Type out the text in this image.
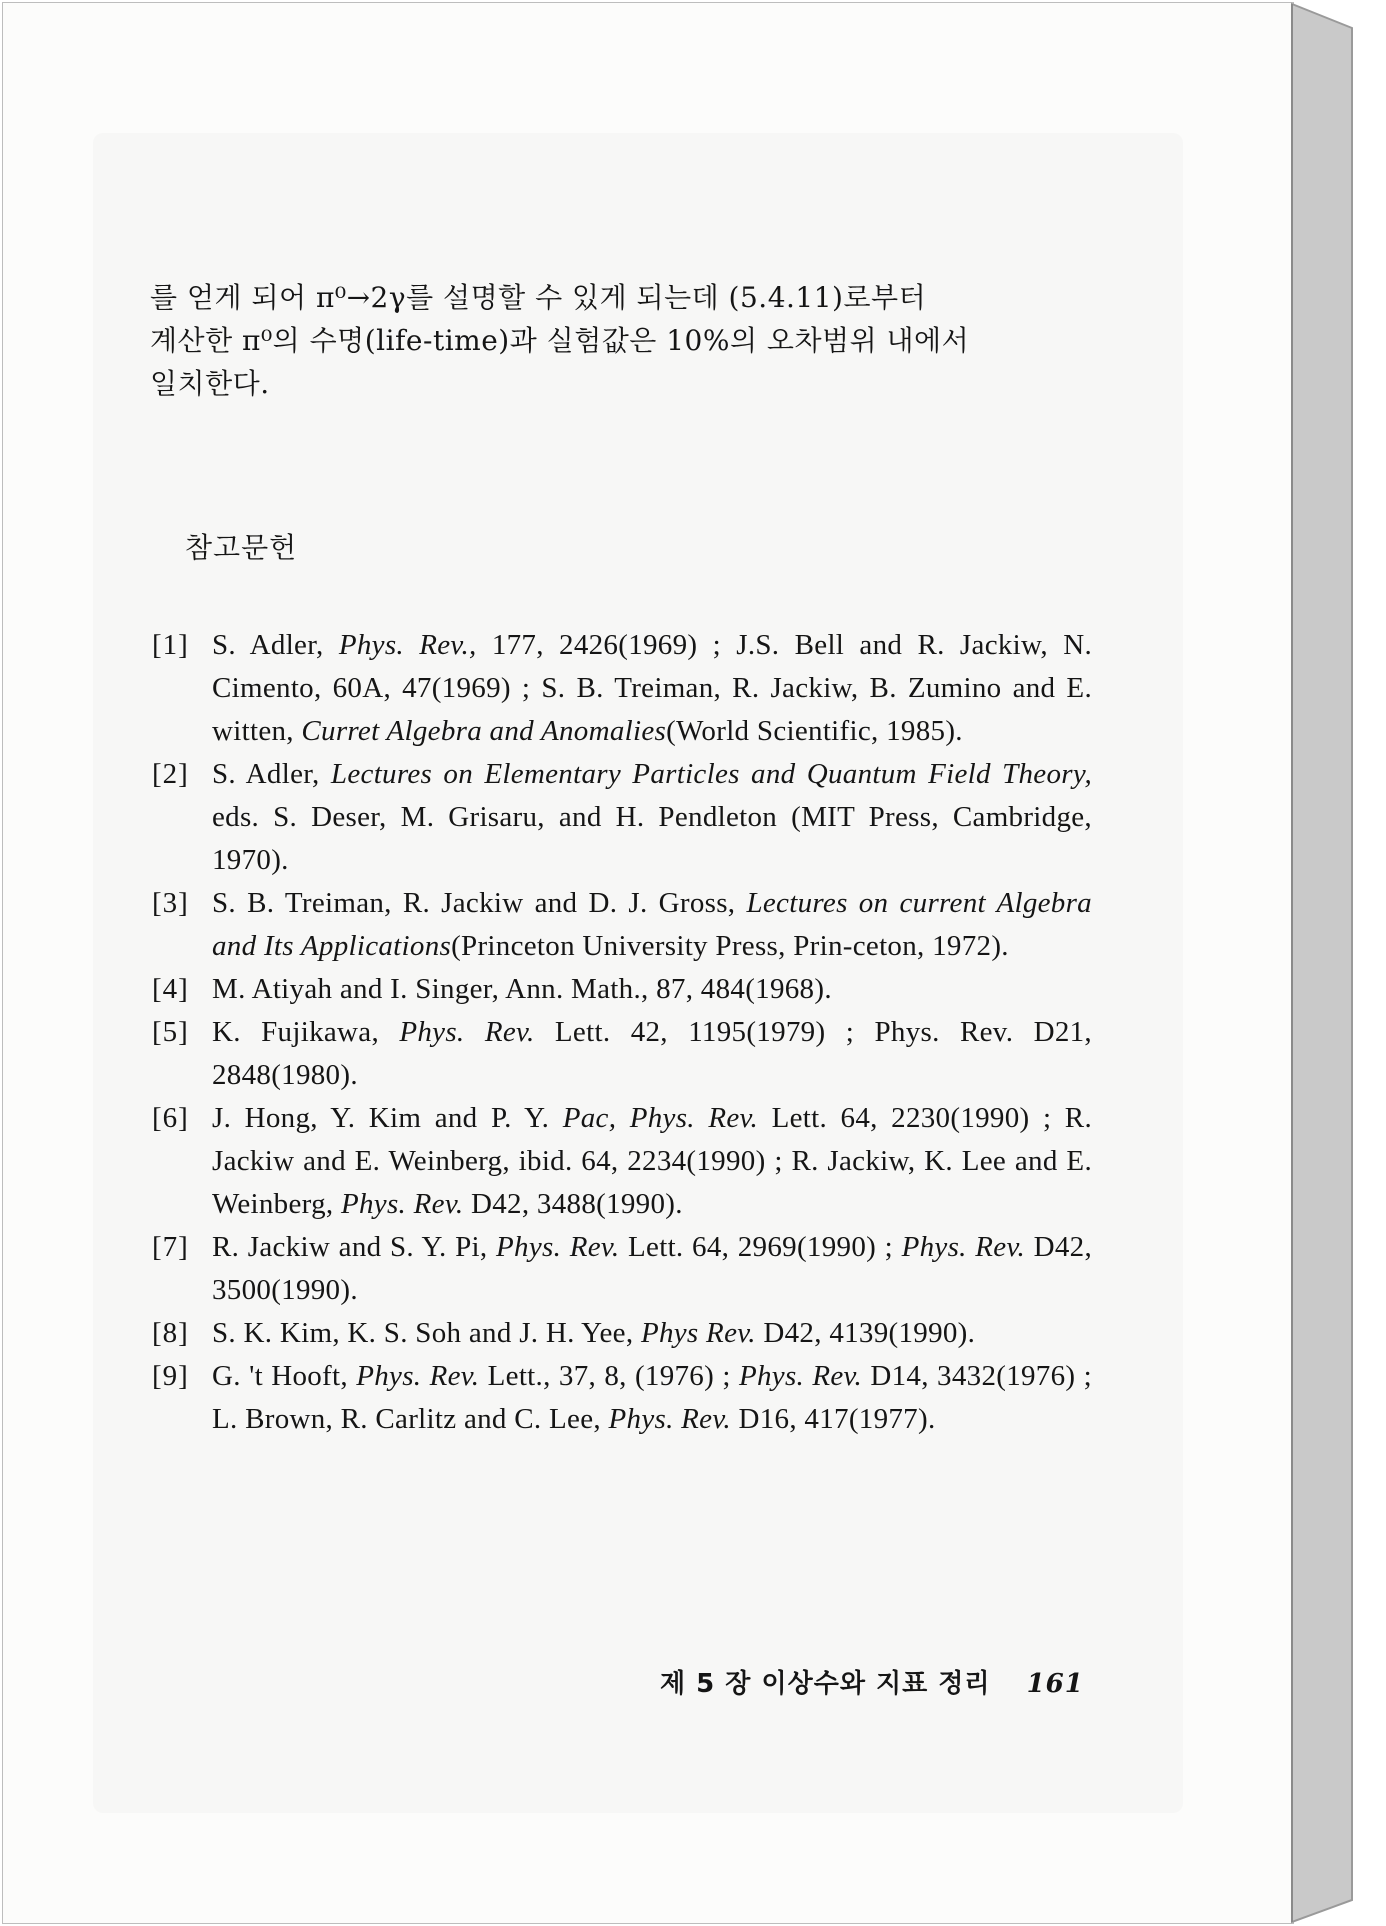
를 얻게 되어 π⁰→2γ를 설명할 수 있게 되는데 (5.4.11)로부터
계산한 π⁰의 수명(life-time)과 실험값은 10%의 오차범위 내에서
일치한다.

참고문헌
[1] S. Adler, Phys. Rev., 177, 2426(1969) ; J.S. Bell and R. Jackiw, N. Cimento, 60A, 47(1969) ; S. B. Treiman, R. Jackiw, B. Zumino and E. witten, Curret Algebra and Anomalies(World Scientific, 1985).
[2] S. Adler, Lectures on Elementary Particles and Quantum Field Theory, eds. S. Deser, M. Grisaru, and H. Pendleton (MIT Press, Cambridge, 1970).
[3] S. B. Treiman, R. Jackiw and D. J. Gross, Lectures on current Algebra and Its Applications(Princeton University Press, Prin-ceton, 1972).
[4] M. Atiyah and I. Singer, Ann. Math., 87, 484(1968).
[5] K. Fujikawa, Phys. Rev. Lett. 42, 1195(1979) ; Phys. Rev. D21, 2848(1980).
[6] J. Hong, Y. Kim and P. Y. Pac, Phys. Rev. Lett. 64, 2230(1990) ; R. Jackiw and E. Weinberg, ibid. 64, 2234(1990) ; R. Jackiw, K. Lee and E. Weinberg, Phys. Rev. D42, 3488(1990).
[7] R. Jackiw and S. Y. Pi, Phys. Rev. Lett. 64, 2969(1990) ; Phys. Rev. D42, 3500(1990).
[8] S. K. Kim, K. S. Soh and J. H. Yee, Phys Rev. D42, 4139(1990).
[9] G. 't Hooft, Phys. Rev. Lett., 37, 8, (1976) ; Phys. Rev. D14, 3432(1976) ; L. Brown, R. Carlitz and C. Lee, Phys. Rev. D16, 417(1977).
제 5 장 이상수와 지표 정리 161
